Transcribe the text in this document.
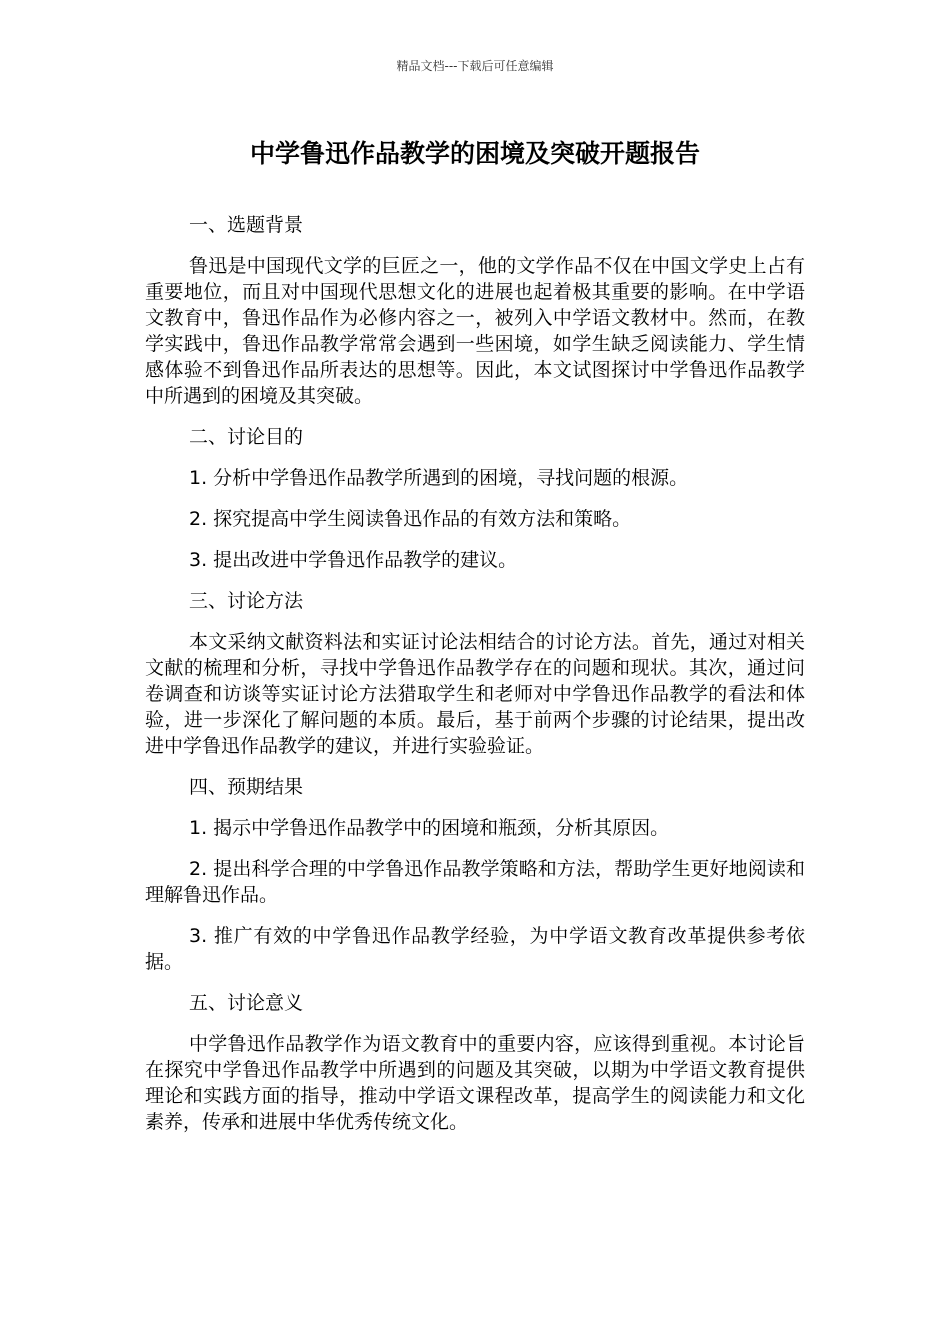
精品文档---下载后可任意编辑
中学鲁迅作品教学的困境及突破开题报告

一、选题背景

鲁迅是中国现代文学的巨匠之一，他的文学作品不仅在中国文学史上占有重要地位，而且对中国现代思想文化的进展也起着极其重要的影响。在中学语文教育中，鲁迅作品作为必修内容之一，被列入中学语文教材中。然而，在教学实践中，鲁迅作品教学常常会遇到一些困境，如学生缺乏阅读能力、学生情感体验不到鲁迅作品所表达的思想等。因此，本文试图探讨中学鲁迅作品教学中所遇到的困境及其突破。

二、讨论目的

1. 分析中学鲁迅作品教学所遇到的困境，寻找问题的根源。

2. 探究提高中学生阅读鲁迅作品的有效方法和策略。

3. 提出改进中学鲁迅作品教学的建议。

三、讨论方法

本文采纳文献资料法和实证讨论法相结合的讨论方法。首先，通过对相关文献的梳理和分析，寻找中学鲁迅作品教学存在的问题和现状。其次，通过问卷调查和访谈等实证讨论方法猎取学生和老师对中学鲁迅作品教学的看法和体验，进一步深化了解问题的本质。最后，基于前两个步骤的讨论结果，提出改进中学鲁迅作品教学的建议，并进行实验验证。

四、预期结果

1. 揭示中学鲁迅作品教学中的困境和瓶颈，分析其原因。

2. 提出科学合理的中学鲁迅作品教学策略和方法，帮助学生更好地阅读和理解鲁迅作品。

3. 推广有效的中学鲁迅作品教学经验，为中学语文教育改革提供参考依据。

五、讨论意义

中学鲁迅作品教学作为语文教育中的重要内容，应该得到重视。本讨论旨在探究中学鲁迅作品教学中所遇到的问题及其突破，以期为中学语文教育提供理论和实践方面的指导，推动中学语文课程改革，提高学生的阅读能力和文化素养，传承和进展中华优秀传统文化。
